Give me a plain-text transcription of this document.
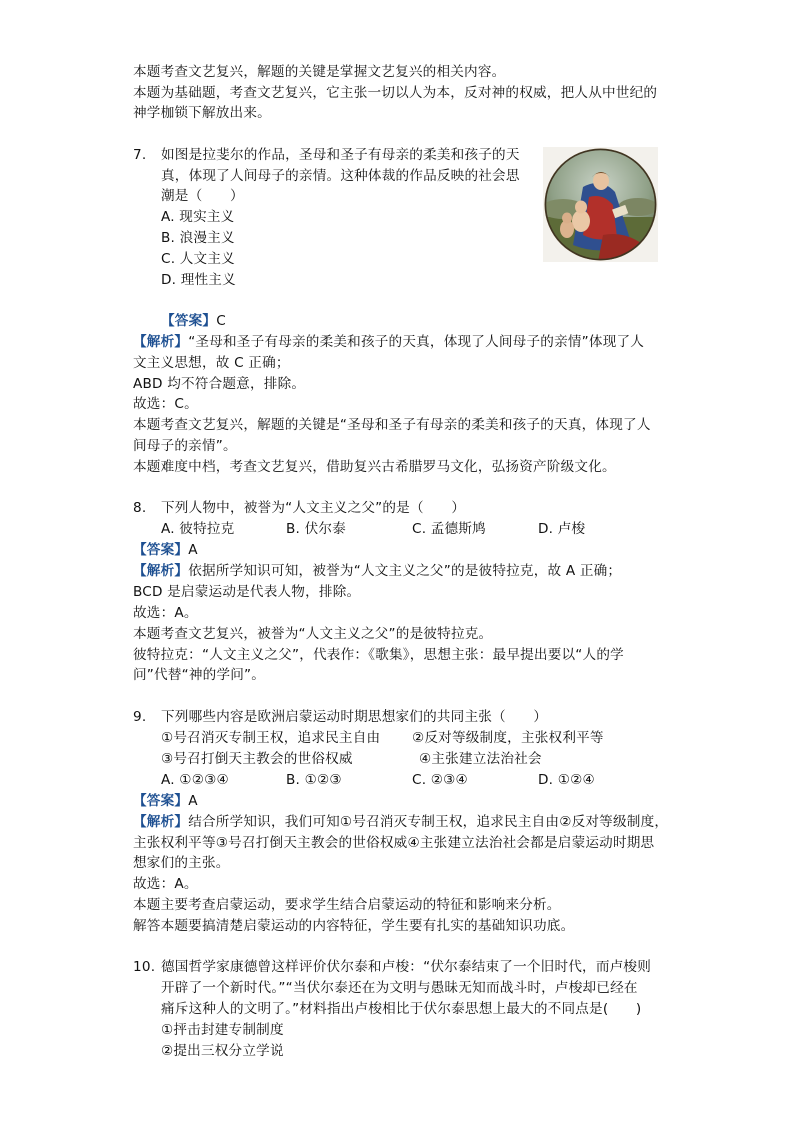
本题考查文艺复兴，解题的关键是掌握文艺复兴的相关内容。
本题为基础题，考查文艺复兴，它主张一切以人为本，反对神的权威，把人从中世纪的
神学枷锁下解放出来。
7. 如图是拉斐尔的作品，圣母和圣子有母亲的柔美和孩子的天
真，体现了人间母子的亲情。这种体裁的作品反映的社会思
潮是（　　）
A. 现实主义
B. 浪漫主义
C. 人文主义
D. 理性主义
【答案】C
【解析】“圣母和圣子有母亲的柔美和孩子的天真，体现了人间母子的亲情”体现了人
文主义思想，故 C 正确；
ABD 均不符合题意，排除。
故选：C。
本题考查文艺复兴，解题的关键是“圣母和圣子有母亲的柔美和孩子的天真，体现了人
间母子的亲情”。
本题难度中档，考查文艺复兴，借助复兴古希腊罗马文化，弘扬资产阶级文化。
8. 下列人物中，被誉为“人文主义之父”的是（　　）
A. 彼特拉克	B. 伏尔泰	C. 孟德斯鸠	D. 卢梭
【答案】A
【解析】依据所学知识可知，被誉为“人文主义之父”的是彼特拉克，故 A 正确；
BCD 是启蒙运动是代表人物，排除。
故选：A。
本题考查文艺复兴，被誉为“人文主义之父”的是彼特拉克。
彼特拉克：“人文主义之父”，代表作：《歌集》，思想主张：最早提出要以“人的学
问”代替“神的学问”。
9. 下列哪些内容是欧洲启蒙运动时期思想家们的共同主张（　　）
①号召消灭专制王权，追求民主自由 ②反对等级制度，主张权利平等
③号召打倒天主教会的世俗权威	④主张建立法治社会
A. ①②③④	B. ①②③	C. ②③④	D. ①②④
【答案】A
【解析】结合所学知识，我们可知①号召消灭专制王权，追求民主自由②反对等级制度，
主张权利平等③号召打倒天主教会的世俗权威④主张建立法治社会都是启蒙运动时期思
想家们的主张。
故选：A。
本题主要考查启蒙运动，要求学生结合启蒙运动的特征和影响来分析。
解答本题要搞清楚启蒙运动的内容特征，学生要有扎实的基础知识功底。
10. 德国哲学家康德曾这样评价伏尔泰和卢梭：“伏尔泰结束了一个旧时代，而卢梭则
开辟了一个新时代。”“当伏尔泰还在为文明与愚昧无知而战斗时，卢梭却已经在
痛斥这种人的文明了。”材料指出卢梭相比于伏尔泰思想上最大的不同点是(　　)
①抨击封建专制制度
②提出三权分立学说
